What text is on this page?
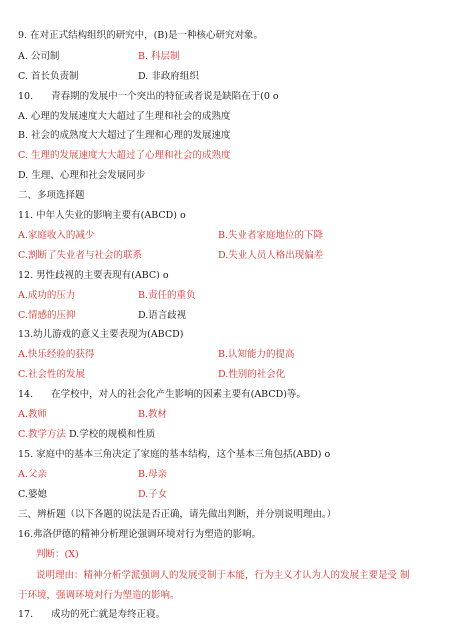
9. 在对正式结构组织的研究中，(B)是一种核心研究对象。
A. 公司制	B. 科层制
C. 首长负责制	D. 非政府组织
10. 青春期的发展中一个突出的特征或者说是缺陷在于(0 o
A. 心理的发展速度大大超过了生理和社会的成熟度
B. 社会的成熟度大大超过了生理和心理的发展速度
C. 生理的发展速度大大超过了心理和社会的成熟度
D. 生理、心理和社会发展同步
二、多项选择题
11. 中年人失业的影响主要有(ABCD) o
A.家庭收入的减少	B.失业者家庭地位的下降
C.割断了失业者与社会的联系	D.失业人员人格出现偏差
12. 男性歧视的主要表现有(ABC) o
A.成功的压力	B.责任的重负
C.情感的压抑	D.语言歧视
13.幼儿游戏的意义主要表现为(ABCD)
A.快乐经验的获得	B.认知能力的提高
C.社会性的发展	D.性别的社会化
14. 在学校中，对人的社会化产生影响的因素主要有(ABCD)等。
A.教师	B.教材
C.教学方法 D.学校的规模和性质
15. 家庭中的基本三角决定了家庭的基本结构，这个基本三角包括(ABD) o
A.父亲	B.母亲
C.婆媳	D.子女
三、辨析题（以下各题的说法是否正确，请先做出判断，并分别说明理由。）
16.弗洛伊德的精神分析理论强调环境对行为塑造的影响。
判断：(X)
说明理由：精神分析学派强调人的发展受制于本能，行为主义才认为人的发展主要是受 制
于环境，强调环境对行为塑造的影响。
17. 成功的死亡就是寿终正寝。
